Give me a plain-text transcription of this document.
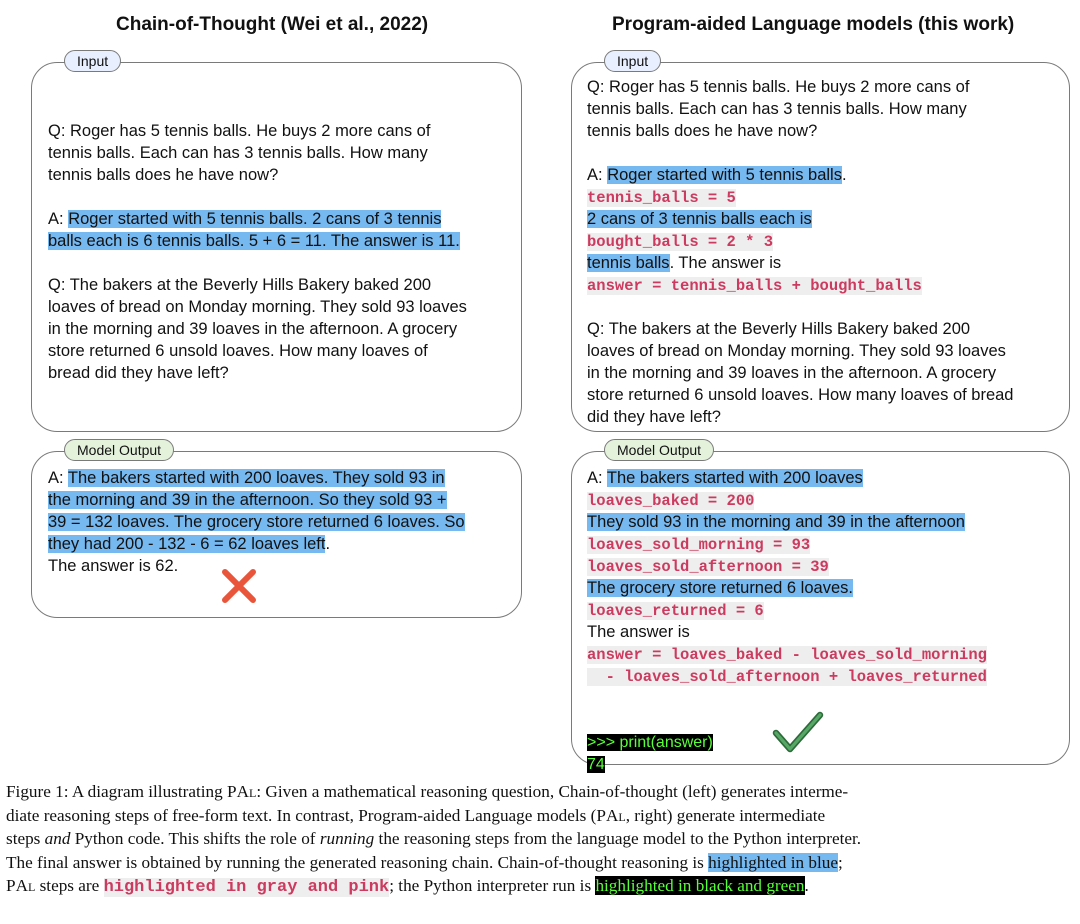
Chain-of-Thought (Wei et al., 2022)
Input
Q: Roger has 5 tennis balls. He buys 2 more cans of
tennis balls. Each can has 3 tennis balls. How many
tennis balls does he have now?
A: Roger started with 5 tennis balls. 2 cans of 3 tennis
balls each is 6 tennis balls. 5 + 6 = 11. The answer is 11.
Q: The bakers at the Beverly Hills Bakery baked 200
loaves of bread on Monday morning. They sold 93 loaves
in the morning and 39 loaves in the afternoon. A grocery
store returned 6 unsold loaves. How many loaves of
bread did they have left?
Model Output
A: The bakers started with 200 loaves. They sold 93 in
the morning and 39 in the afternoon. So they sold 93 +
39 = 132 loaves. The grocery store returned 6 loaves. So
they had 200 - 132 - 6 = 62 loaves left.
The answer is 62.
Program-aided Language models (this work)
Input
Q: Roger has 5 tennis balls. He buys 2 more cans of
tennis balls. Each can has 3 tennis balls. How many
tennis balls does he have now?
A: Roger started with 5 tennis balls.
tennis_balls = 5
2 cans of 3 tennis balls each is
bought_balls = 2 * 3
tennis balls. The answer is
answer = tennis_balls + bought_balls
Q: The bakers at the Beverly Hills Bakery baked 200
loaves of bread on Monday morning. They sold 93 loaves
in the morning and 39 loaves in the afternoon. A grocery
store returned 6 unsold loaves. How many loaves of bread
did they have left?
Model Output
A: The bakers started with 200 loaves
loaves_baked = 200
They sold 93 in the morning and 39 in the afternoon
loaves_sold_morning = 93
loaves_sold_afternoon = 39
The grocery store returned 6 loaves.
loaves_returned = 6
The answer is
answer = loaves_baked - loaves_sold_morning
- loaves_sold_afternoon + loaves_returned
>>> print(answer)
74
Figure 1: A diagram illustrating PAl: Given a mathematical reasoning question, Chain-of-thought (left) generates interme-
diate reasoning steps of free-form text. In contrast, Program-aided Language models (PAl, right) generate intermediate
steps and Python code. This shifts the role of running the reasoning steps from the language model to the Python interpreter.
The final answer is obtained by running the generated reasoning chain. Chain-of-thought reasoning is highlighted in blue;
PAl steps are highlighted in gray and pink; the Python interpreter run is highlighted in black and green.
